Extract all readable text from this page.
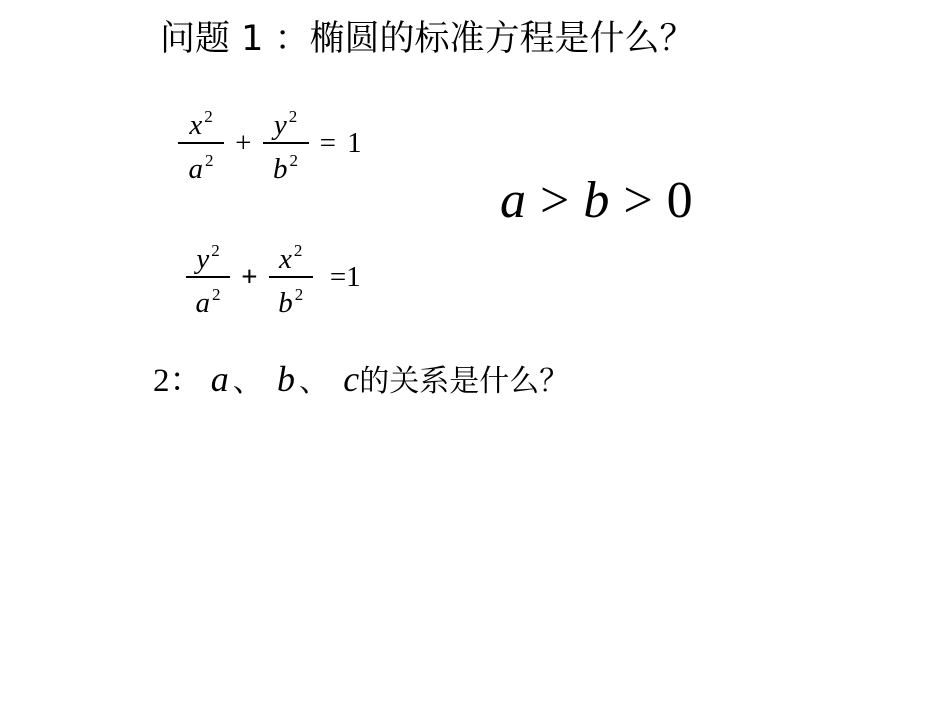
问题 1 ：椭圆的标准方程是什么？
$\frac{x ^2}{a ^2} + \frac{y ^2}{b ^2} = 1$
a > b > 0
$\frac{y ^2}{a ^2} + \frac{x ^2}{b ^2} =1$
2： a 、 b 、 c的关系是什么？
